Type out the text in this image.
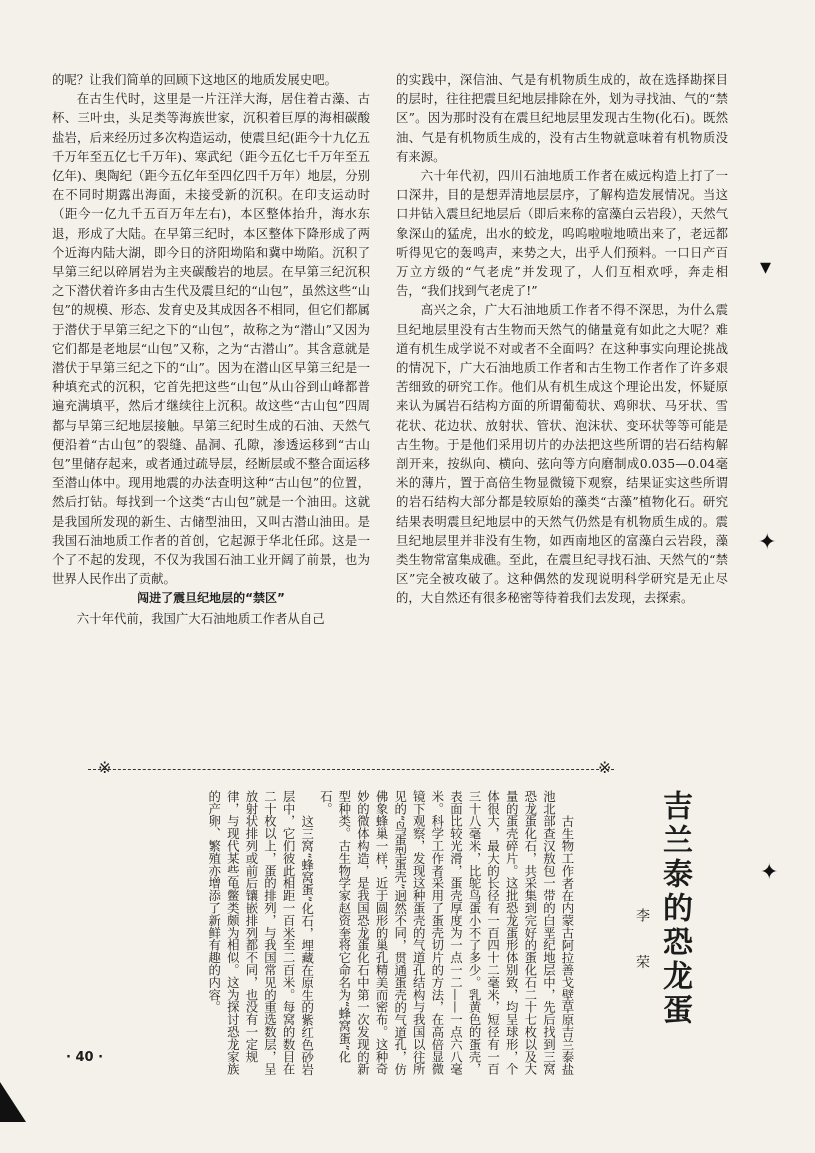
的呢？让我们简单的回顾下这地区的地质发展史吧。

在古生代时，这里是一片汪洋大海，居住着古藻、古杯、三叶虫，头足类等海族世家，沉积着巨厚的海相碳酸盐岩，后来经历过多次构造运动，使震旦纪(距今十九亿五千万年至五亿七千万年)、寒武纪（距今五亿七千万年至五亿年)、奥陶纪（距今五亿年至四亿四千万年）地层，分别在不同时期露出海面，未接受新的沉积。在印支运动时（距今一亿九千五百万年左右)，本区整体抬升，海水东退，形成了大陆。在早第三纪时，本区整体下降形成了两个近海内陆大湖，即今日的济阳坳陷和冀中坳陷。沉积了早第三纪以碎屑岩为主夹碳酸岩的地层。在早第三纪沉积之下潜伏着许多由古生代及震旦纪的“山包”，虽然这些“山包”的规模、形态、发育史及其成因各不相同，但它们都属于潜伏于早第三纪之下的“山包”，故称之为“潜山”又因为它们都是老地层“山包”又称，之为“古潜山”。其含意就是潜伏于早第三纪之下的“山”。因为在潜山区早第三纪是一种填充式的沉积，它首先把这些“山包”从山谷到山峰都普遍充满填平，然后才继续往上沉积。故这些“古山包”四周都与早第三纪地层接触。早第三纪时生成的石油、天然气便沿着“古山包”的裂缝、晶洞、孔隙，渗透运移到“古山包”里储存起来，或者通过疏导层，经断层或不整合面运移至潜山体中。现用地震的办法查明这种“古山包”的位置，然后打钻。每找到一个这类“古山包”就是一个油田。这就是我国所发现的新生、古储型油田，又叫古潜山油田。是我国石油地质工作者的首创，它起源于华北任邱。这是一个了不起的发现，不仅为我国石油工业开阔了前景，也为世界人民作出了贡献。

闯进了震旦纪地层的“禁区”

六十年代前，我国广大石油地质工作者从自己

的实践中，深信油、气是有机物质生成的，故在选择勘探目的层时，往往把震旦纪地层排除在外，划为寻找油、气的“禁区”。因为那时没有在震旦纪地层里发现古生物(化石)。既然油、气是有机物质生成的，没有古生物就意味着有机物质没有来源。

六十年代初，四川石油地质工作者在威远构造上打了一口深井，目的是想弄清地层层序，了解构造发展情况。当这口井钻入震旦纪地层后（即后来称的富藻白云岩段），天然气象深山的猛虎，出水的蛟龙，呜呜啦啦地喷出来了，老远都听得见它的轰鸣声，来势之大，出乎人们预料。一口日产百万立方级的“气老虎”并发现了，人们互相欢呼，奔走相告，“我们找到气老虎了!”

高兴之余，广大石油地质工作者不得不深思，为什么震旦纪地层里没有古生物而天然气的储量竟有如此之大呢？难道有机生成学说不对或者不全面吗？在这种事实向理论挑战的情况下，广大石油地质工作者和古生物工作者作了许多艰苦细致的研究工作。他们从有机生成这个理论出发，怀疑原来认为属岩石结构方面的所谓葡萄状、鸡卵状、马牙状、雪花状、花边状、放射状、管状、泡沫状、变环状等等可能是古生物。于是他们采用切片的办法把这些所谓的岩石结构解剖开来，按纵向、横向、弦向等方向磨制成0.035—0.04毫米的薄片，置于高倍生物显微镜下观察，结果证实这些所谓的岩石结构大部分都是较原始的藻类“古藻”植物化石。研究结果表明震旦纪地层中的天然气仍然是有机物质生成的。震旦纪地层里并非没有生物，如西南地区的富藻白云岩段，藻类生物常富集成礁。至此，在震旦纪寻找石油、天然气的“禁区”完全被攻破了。这种偶然的发现说明科学研究是无止尽的，大自然还有很多秘密等待着我们去发现，去探索。

※	※
吉兰泰的恐龙蛋
李 荣

古生物工作者在内蒙古阿拉善戈壁草原吉兰泰盐池北部查汉敖包一带的白垩纪地层中，先后找到三窝恐龙蛋化石，共采集到完好的蛋化石二十七枚以及大量的蛋壳碎片。这批恐龙蛋形体别致，均呈球形，个体很大，最大的长径有一百四十二毫米，短径有一百三十八毫米，比鸵鸟蛋小不了多少。乳黄色的蛋壳，表面比较光滑，蛋壳厚度为一点一二——一点六八毫米。科学工作者采用了蛋壳切片的方法，在高倍显微镜下观察，发现这种蛋壳的气道孔结构与我国以往所见的“鸟蛋型蛋壳”迥然不同，贯通蛋壳的气道孔，仿佛象蜂巢一样，近于圆形的巢孔精美而密布。这种奇妙的微体构造，是我国恐龙蛋化石中第一次发现的新型种类。古生物学家赵资奎将它命名为“蜂窝蛋”化石。

这三窝“蜂窝蛋”化石，埋藏在原生的紫红色砂岩层中，它们彼此相距一百米至二百米。每窝的数目在二十枚以上，蛋的排列，与我国常见的重选数层，呈放射状排列或前后镶嵌排列都不同，也没有一定规律，与现代某些龟鳖类颇为相似。这为探讨恐龙家族的产卵、繁殖亦增添了新鲜有趣的内容。

· 40 ·
▾
✦
✦
